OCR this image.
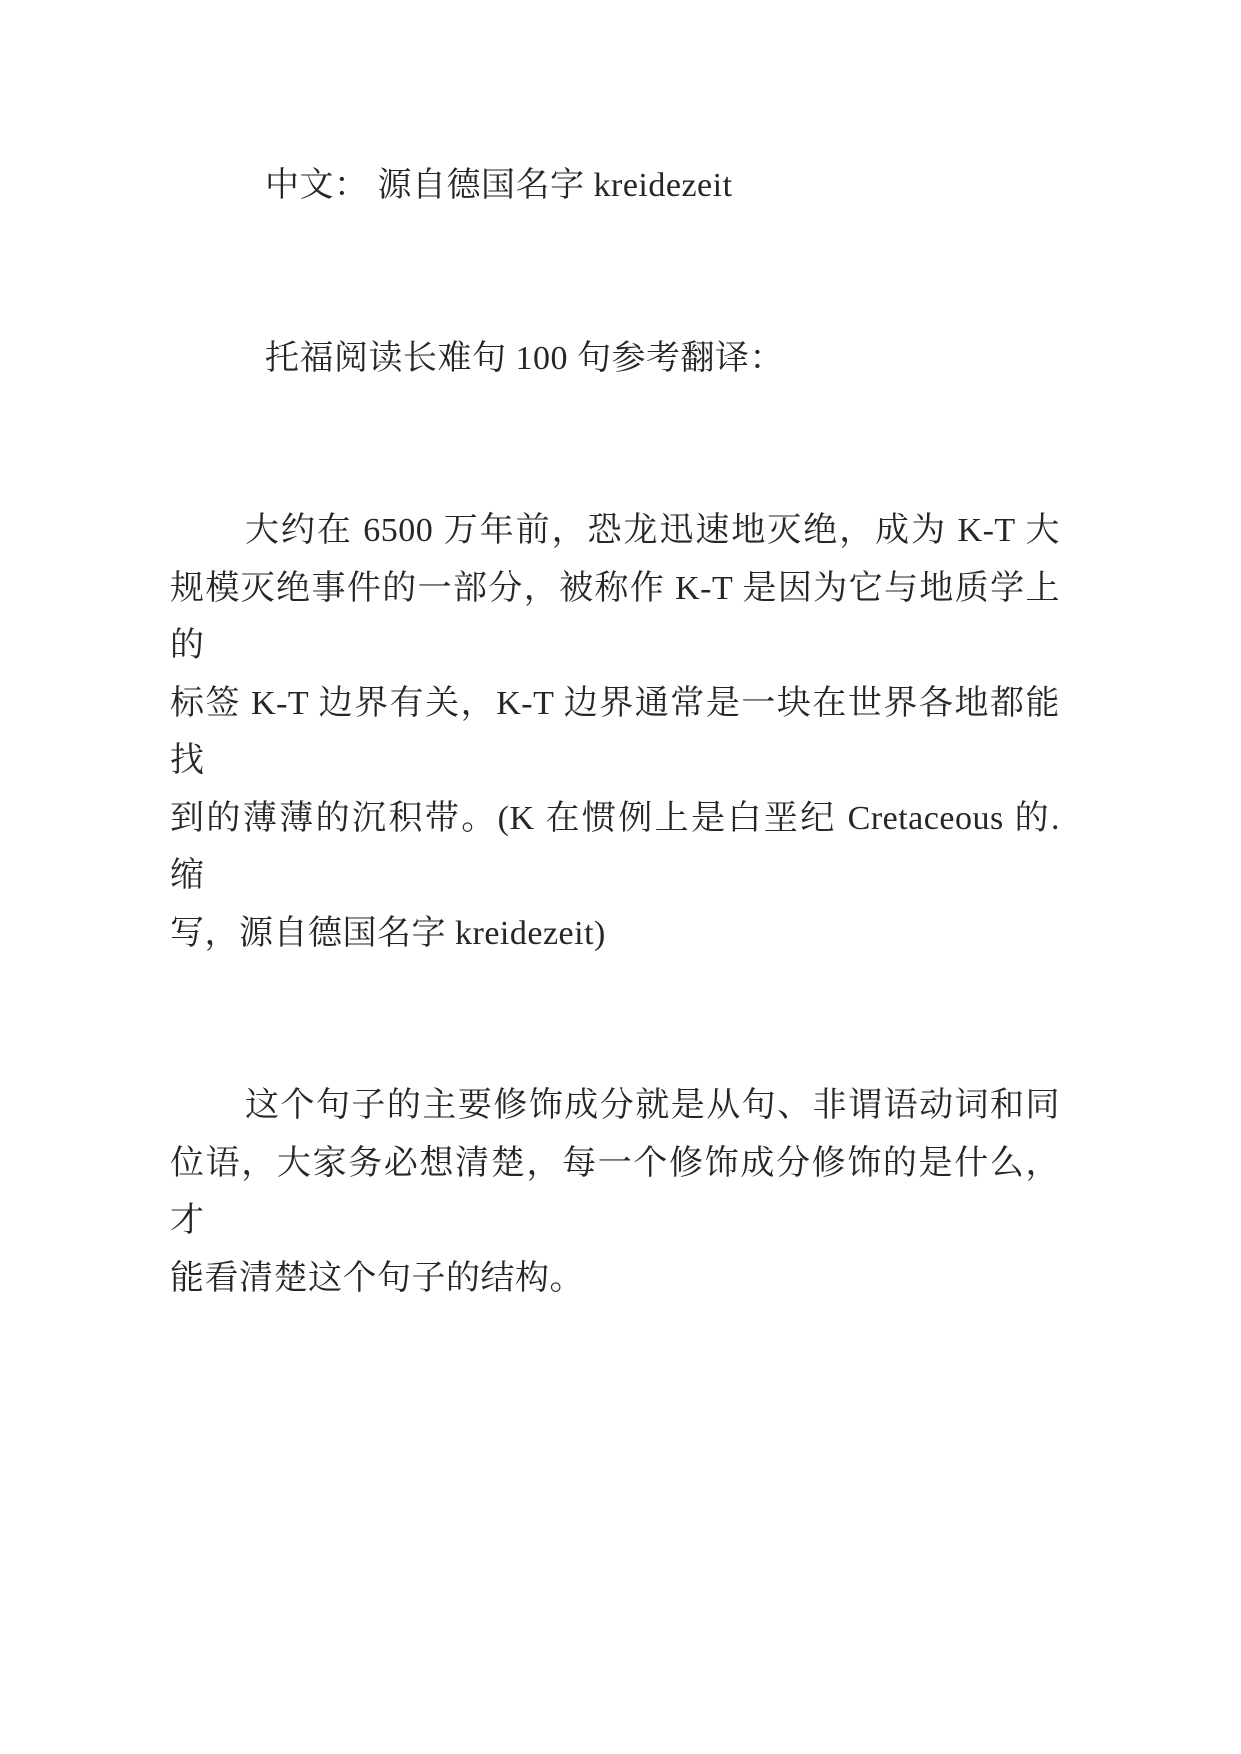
中文： 源自德国名字 kreidezeit
托福阅读长难句 100 句参考翻译：
大约在 6500 万年前，恐龙迅速地灭绝，成为 K-T 大
规模灭绝事件的一部分，被称作 K-T 是因为它与地质学上的
标签 K-T 边界有关，K-T 边界通常是一块在世界各地都能找
到的薄薄的沉积带。(K 在惯例上是白垩纪 Cretaceous 的. 缩
写，源自德国名字 kreidezeit)
这个句子的主要修饰成分就是从句、非谓语动词和同
位语，大家务必想清楚，每一个修饰成分修饰的是什么，才
能看清楚这个句子的结构。
